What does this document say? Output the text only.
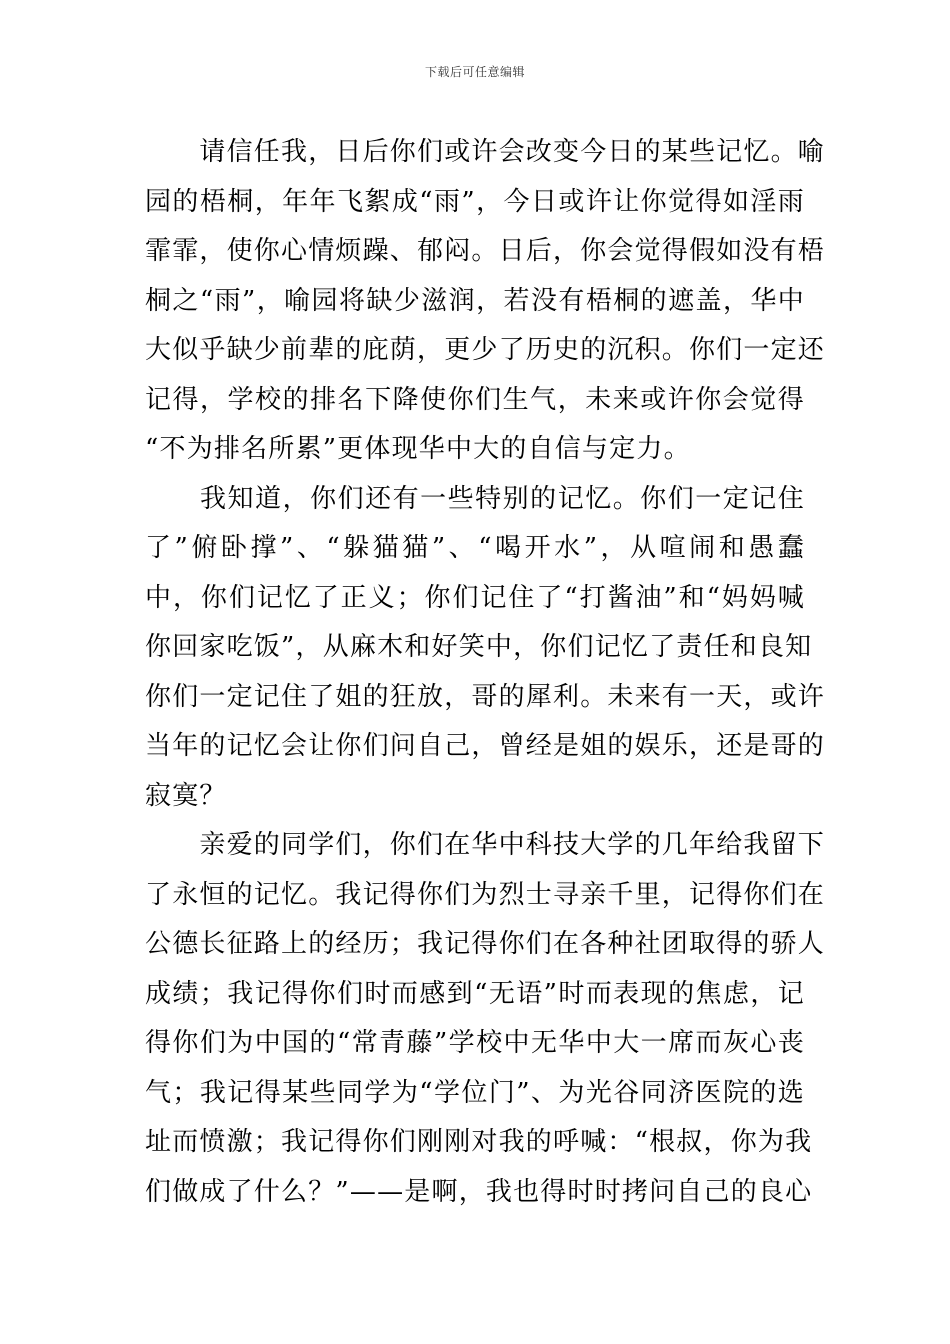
下载后可任意编辑
　　请信任我，日后你们或许会改变今日的某些记忆。喻
园的梧桐，年年飞絮成“雨”，今日或许让你觉得如淫雨
霏霏，使你心情烦躁、郁闷。日后，你会觉得假如没有梧
桐之“雨”，喻园将缺少滋润，若没有梧桐的遮盖，华中
大似乎缺少前辈的庇荫，更少了历史的沉积。你们一定还
记得，学校的排名下降使你们生气，未来或许你会觉得
“不为排名所累”更体现华中大的自信与定力。
　　我知道，你们还有一些特别的记忆。你们一定记住
了”俯卧撑”、“躲猫猫”、“喝开水”，从喧闹和愚蠢
中，你们记忆了正义；你们记住了“打酱油”和“妈妈喊
你回家吃饭”，从麻木和好笑中，你们记忆了责任和良知
你们一定记住了姐的狂放，哥的犀利。未来有一天，或许
当年的记忆会让你们问自己，曾经是姐的娱乐，还是哥的
寂寞？
　　亲爱的同学们，你们在华中科技大学的几年给我留下
了永恒的记忆。我记得你们为烈士寻亲千里，记得你们在
公德长征路上的经历；我记得你们在各种社团取得的骄人
成绩；我记得你们时而感到“无语”时而表现的焦虑，记
得你们为中国的“常青藤”学校中无华中大一席而灰心丧
气；我记得某些同学为“学位门”、为光谷同济医院的选
址而愤激；我记得你们刚刚对我的呼喊：“根叔，你为我
们做成了什么？”——是啊，我也得时时拷问自己的良心
